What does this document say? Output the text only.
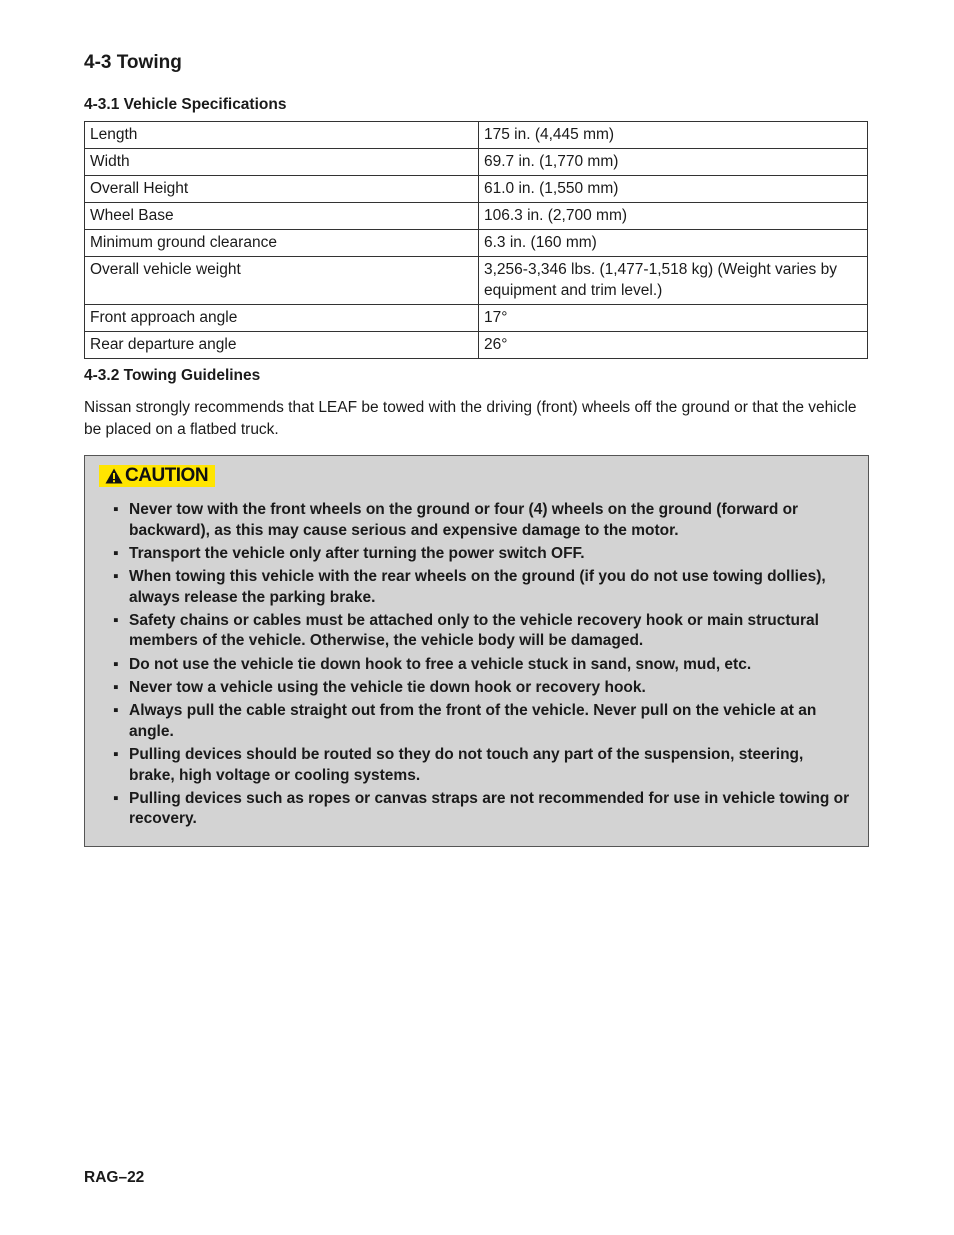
4-3 Towing
4-3.1 Vehicle Specifications
Length	175 in. (4,445 mm)
Width	69.7 in. (1,770 mm)
Overall Height	61.0 in. (1,550 mm)
Wheel Base	106.3 in. (2,700 mm)
Minimum ground clearance	6.3 in. (160 mm)
Overall vehicle weight	3,256-3,346 lbs. (1,477-1,518 kg) (Weight varies by equipment and trim level.)
Front approach angle	17°
Rear departure angle	26°
4-3.2 Towing Guidelines

Nissan strongly recommends that LEAF be towed with the driving (front) wheels off the ground or that the vehicle be placed on a flatbed truck.

CAUTION
▪ Never tow with the front wheels on the ground or four (4) wheels on the ground (forward or backward), as this may cause serious and expensive damage to the motor.
▪ Transport the vehicle only after turning the power switch OFF.
▪ When towing this vehicle with the rear wheels on the ground (if you do not use towing dollies), always release the parking brake.
▪ Safety chains or cables must be attached only to the vehicle recovery hook or main structural members of the vehicle. Otherwise, the vehicle body will be damaged.
▪ Do not use the vehicle tie down hook to free a vehicle stuck in sand, snow, mud, etc.
▪ Never tow a vehicle using the vehicle tie down hook or recovery hook.
▪ Always pull the cable straight out from the front of the vehicle. Never pull on the vehicle at an angle.
▪ Pulling devices should be routed so they do not touch any part of the suspension, steering, brake, high voltage or cooling systems.
▪ Pulling devices such as ropes or canvas straps are not recommended for use in vehicle towing or recovery.

RAG–22
